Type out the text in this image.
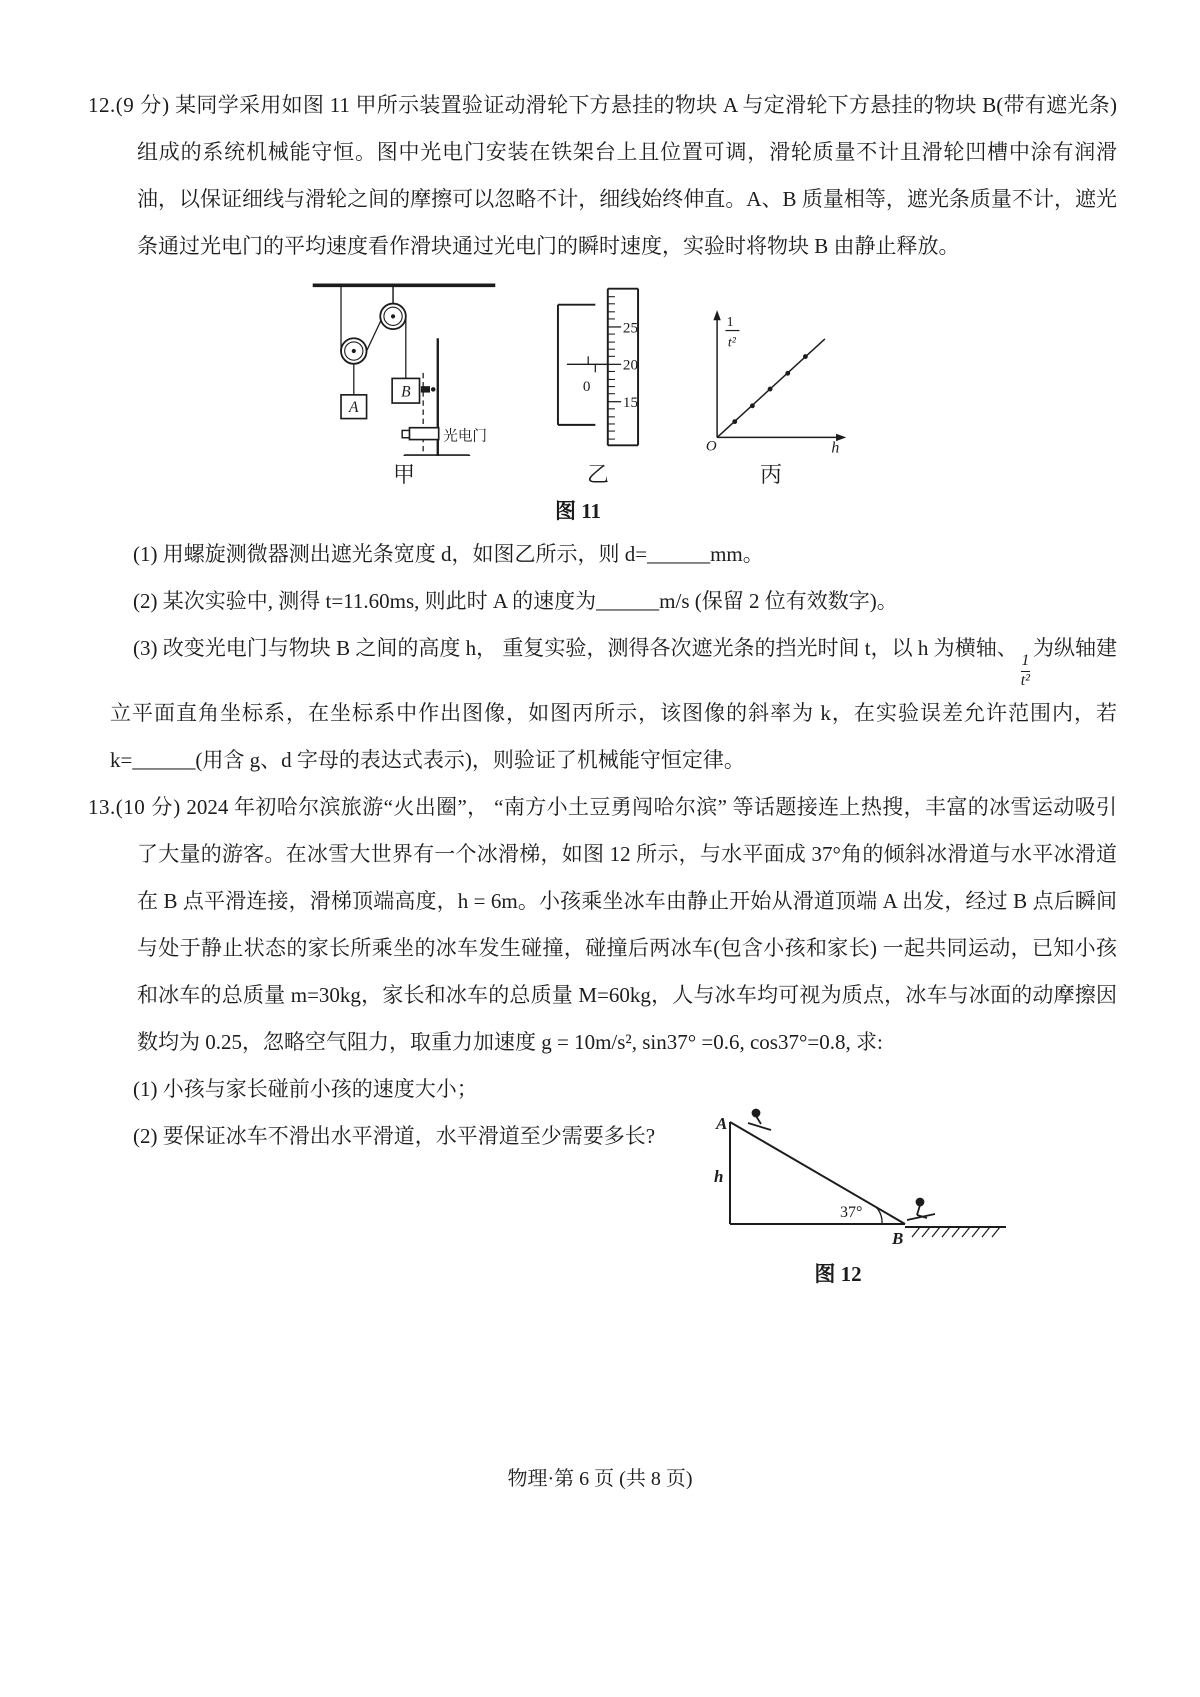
12.(9 分) 某同学采用如图 11 甲所示装置验证动滑轮下方悬挂的物块 A 与定滑轮下方悬挂的物块 B(带有遮光条) 组成的系统机械能守恒。图中光电门安装在铁架台上且位置可调，滑轮质量不计且滑轮凹槽中涂有润滑油，以保证细线与滑轮之间的摩擦可以忽略不计，细线始终伸直。A、B 质量相等，遮光条质量不计，遮光条通过光电门的平均速度看作滑块通过光电门的瞬时速度，实验时将物块 B 由静止释放。

A
B
光电门
甲
25
20
15
0
乙
1
t²
O	h
丙
图 11

(1) 用螺旋测微器测出遮光条宽度 d，如图乙所示，则 d=______mm。

(2) 某次实验中, 测得 t=11.60ms, 则此时 A 的速度为______m/s (保留 2 位有效数字)。

(3) 改变光电门与物块 B 之间的高度 h， 重复实验，测得各次遮光条的挡光时间 t，以 h 为横轴、
$\frac{1}{\text{t²}}$
为纵轴建立平面直角坐标系，在坐标系中作出图像，如图丙所示，该图像的斜率为 k，在实验误差允许范围内，若 k=______(用含 g、d 字母的表达式表示)，则验证了机械能守恒定律。

13.(10 分) 2024 年初哈尔滨旅游“火出圈”， “南方小土豆勇闯哈尔滨” 等话题接连上热搜，丰富的冰雪运动吸引了大量的游客。在冰雪大世界有一个冰滑梯，如图 12 所示，与水平面成 37°角的倾斜冰滑道与水平冰滑道在 B 点平滑连接，滑梯顶端高度，h = 6m。小孩乘坐冰车由静止开始从滑道顶端 A 出发，经过 B 点后瞬间与处于静止状态的家长所乘坐的冰车发生碰撞，碰撞后两冰车(包含小孩和家长) 一起共同运动，已知小孩和冰车的总质量 m=30kg，家长和冰车的总质量 M=60kg，人与冰车均可视为质点，冰车与冰面的动摩擦因数均为 0.25，忽略空气阻力，取重力加速度 g = 10m/s², sin37° =0.6, cos37°=0.8, 求:

(1) 小孩与家长碰前小孩的速度大小；

(2) 要保证冰车不滑出水平滑道，水平滑道至少需要多长?

A
h
B
37°
图 12
物理·第 6 页 (共 8 页)
